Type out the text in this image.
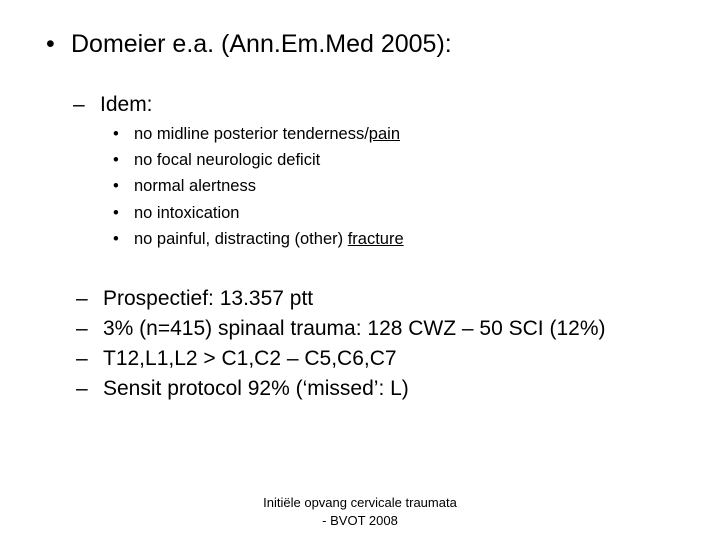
• Domeier e.a. (Ann.Em.Med 2005):
– Idem:
• no midline posterior tenderness/pain
• no focal neurologic deficit
• normal alertness
• no intoxication
• no painful, distracting (other) fracture
– Prospectief: 13.357 ptt
– 3% (n=415) spinaal trauma: 128 CWZ – 50 SCI (12%)
– T12,L1,L2 > C1,C2 – C5,C6,C7
– Sensit protocol 92% (‘missed’: L)
Initiële opvang cervicale traumata
- BVOT 2008
